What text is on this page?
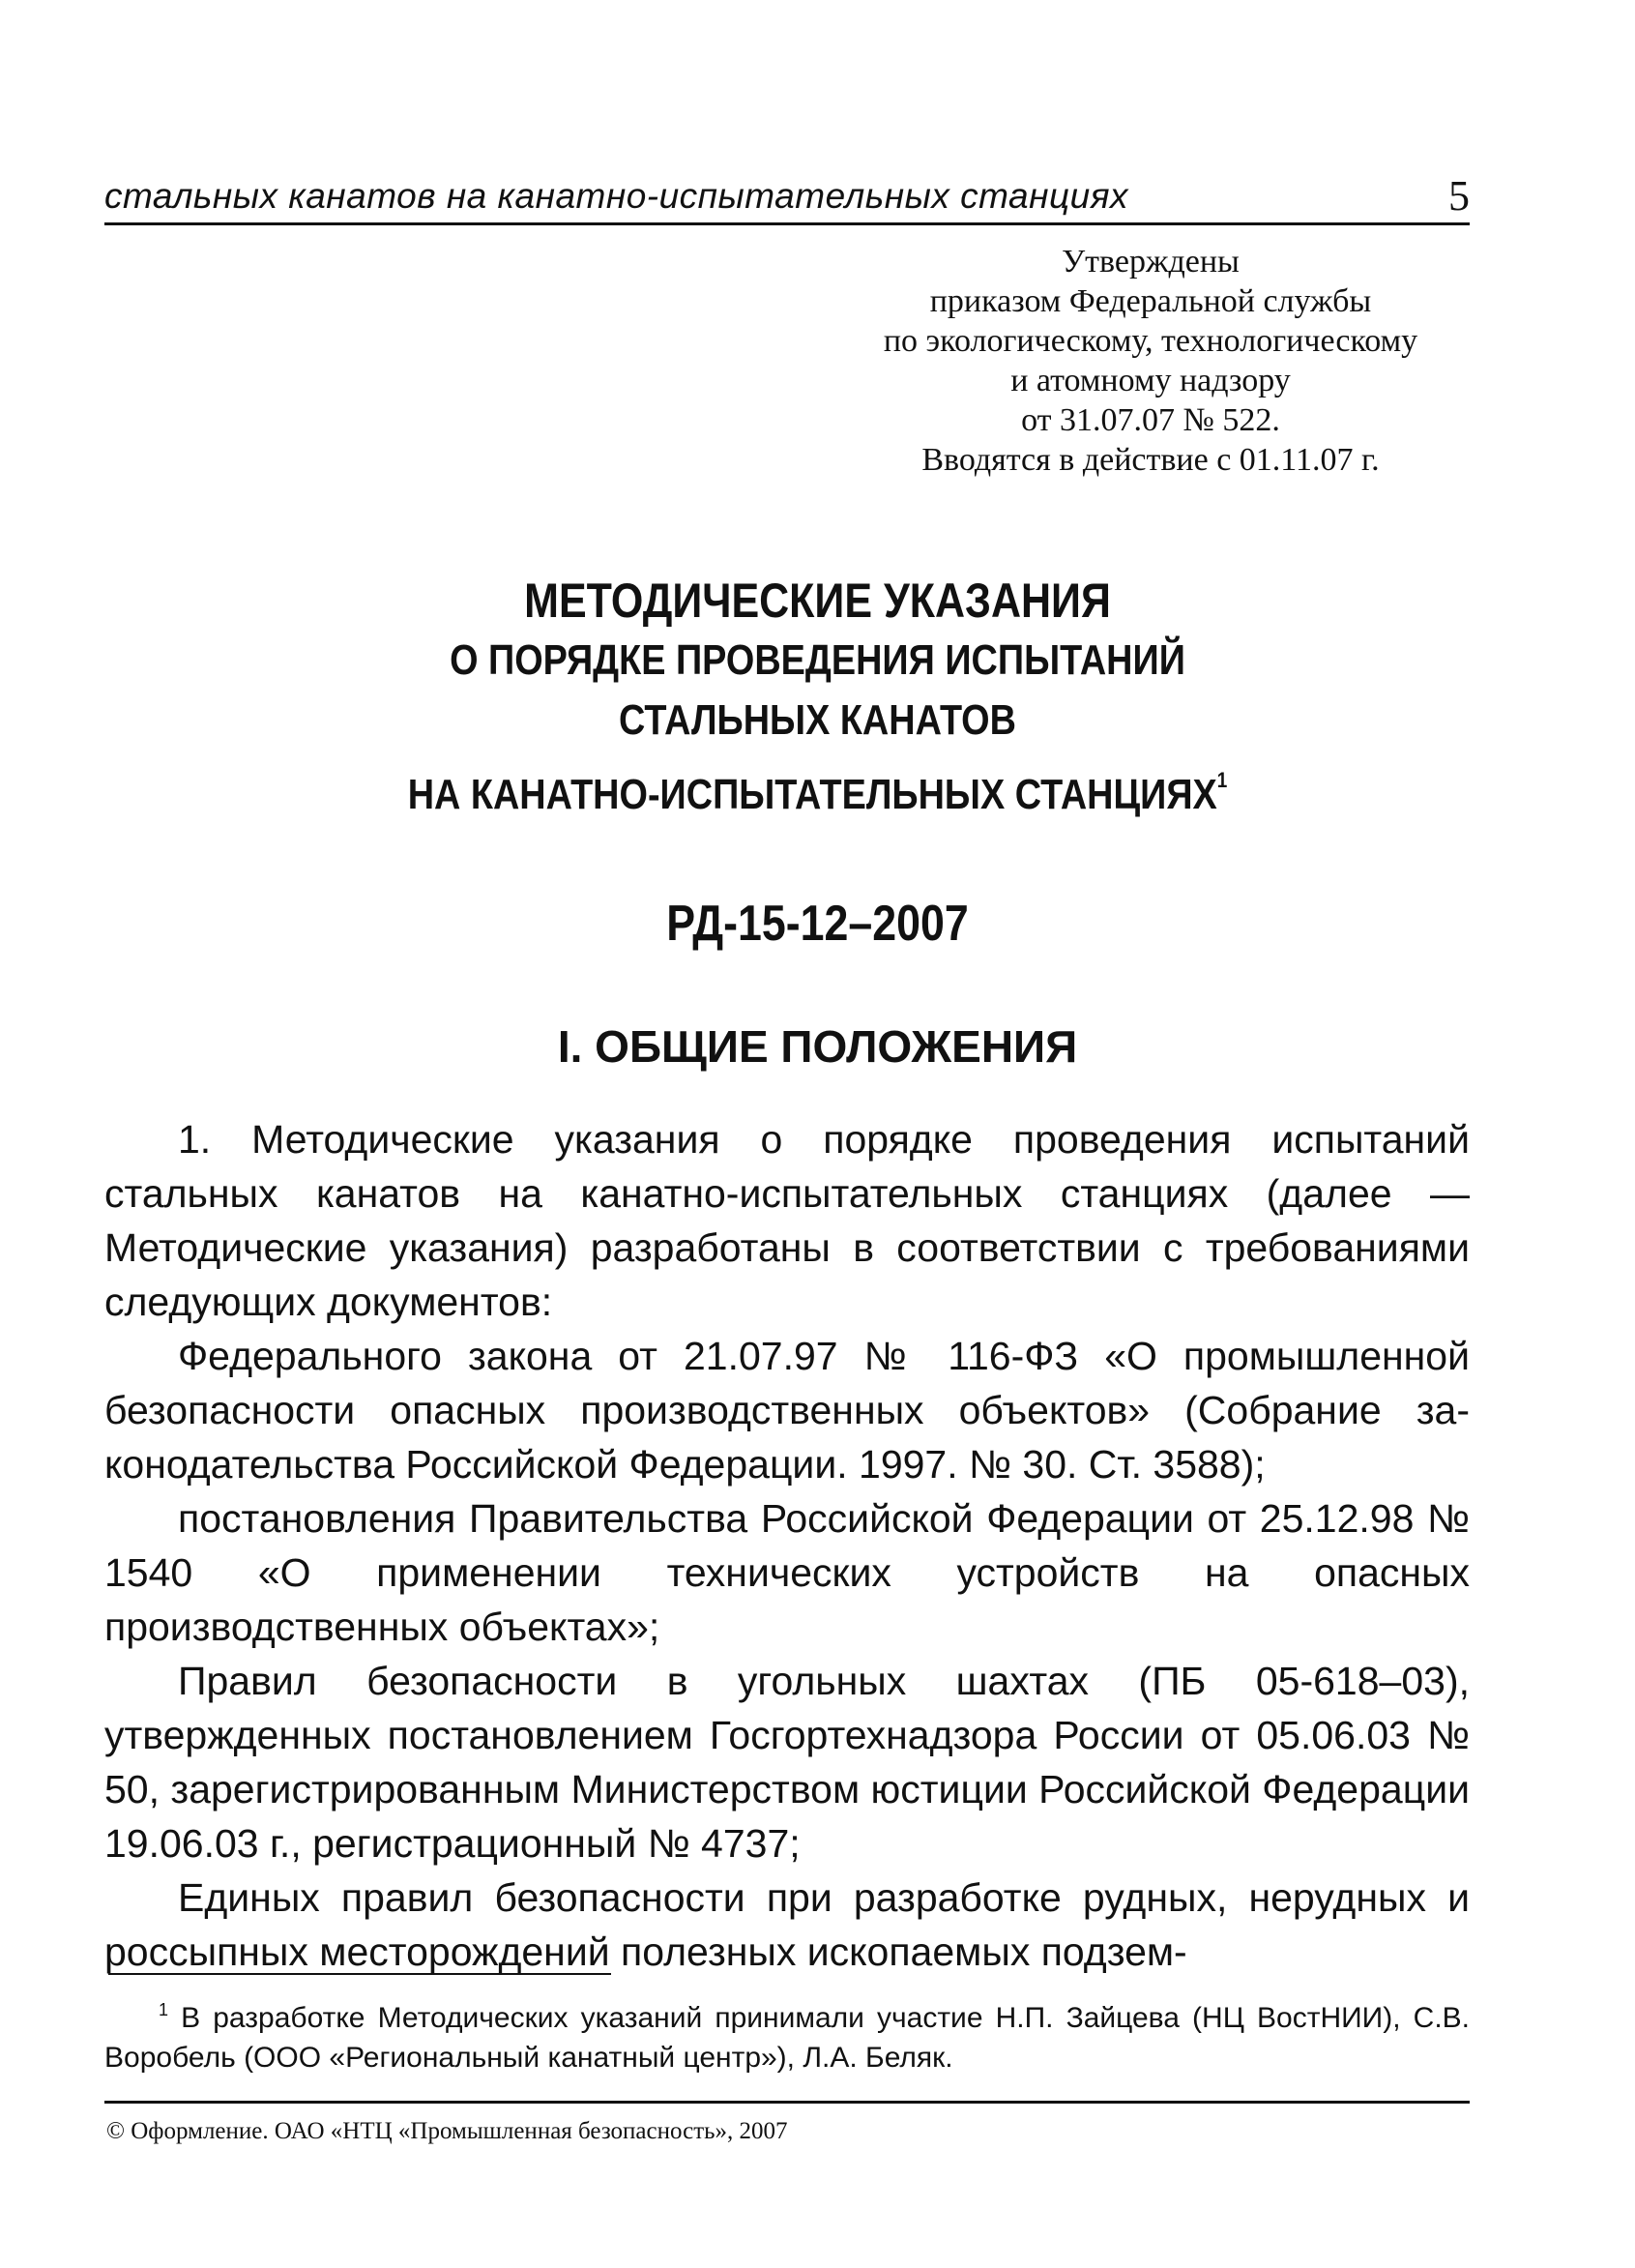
стальных канатов на канатно-испытательных станциях	5
Утверждены
приказом Федеральной службы
по экологическому, технологическому
и атомному надзору
от 31.07.07 № 522.
Вводятся в действие с 01.11.07 г.
МЕТОДИЧЕСКИЕ УКАЗАНИЯ
О ПОРЯДКЕ ПРОВЕДЕНИЯ ИСПЫТАНИЙ
СТАЛЬНЫХ КАНАТОВ
НА КАНАТНО-ИСПЫТАТЕЛЬНЫХ СТАНЦИЯХ$^1$
РД-15-12–2007
I. ОБЩИЕ ПОЛОЖЕНИЯ

1. Методические указания о порядке проведения испытаний стальных канатов на канатно-испытательных станциях (далее — Методические указания) разработаны в соответствии с требованиями следующих документов:

Федерального закона от 21.07.97 № 116-ФЗ «О промышленной безопасности опасных производственных объектов» (Собрание законодательства Российской Федерации. 1997. № 30. Ст. 3588);

постановления Правительства Российской Федерации от 25.12.98 № 1540 «О применении технических устройств на опасных производственных объектах»;

Правил безопасности в угольных шахтах (ПБ 05-618–03), утвержденных постановлением Госгортехнадзора России от 05.06.03 № 50, зарегистрированным Министерством юстиции Российской Федерации 19.06.03 г., регистрационный № 4737;

Единых правил безопасности при разработке рудных, нерудных и россыпных месторождений полезных ископаемых подзем-

$^1$ В разработке Методических указаний принимали участие Н.П. Зайцева (НЦ ВостНИИ), С.В. Воробель (ООО «Региональный канатный центр»), Л.А. Беляк.
© Оформление. ОАО «НТЦ «Промышленная безопасность», 2007
